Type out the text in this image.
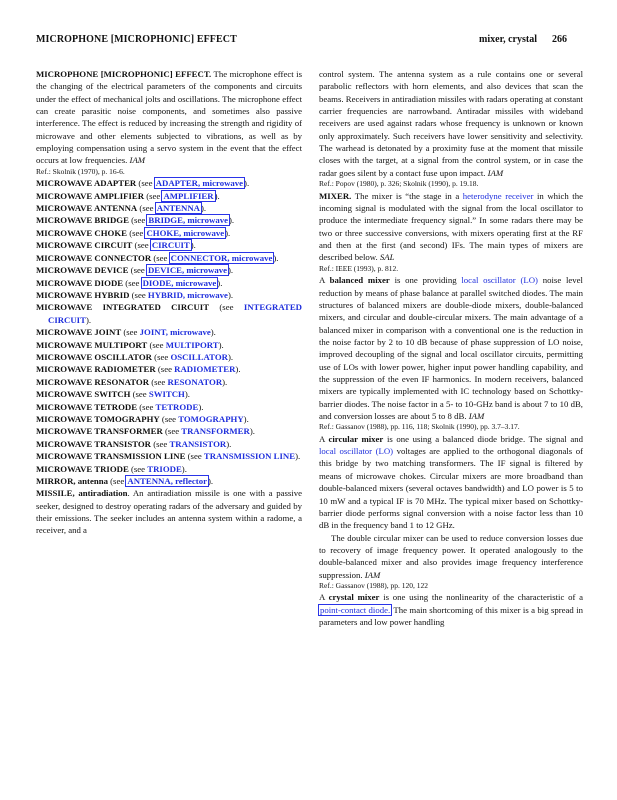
MICROPHONE [MICROPHONIC] EFFECT	mixer, crystal 266

MICROPHONE [MICROPHONIC] EFFECT. The microphone effect is the changing of the electrical parameters of the components and circuits under the effect of mechanical jolts and oscillations. The microphone effect can create parasitic noise components, and sometimes also passive interference. The effect is reduced by increasing the strength and rigidity of microwave and other elements subjected to vibrations, as well as by employing compensation using a servo system in the event that the effect occurs at low frequencies. IAM

Ref.: Skolnik (1970), p. 16-6.

MICROWAVE ADAPTER (see ADAPTER, microwave).

MICROWAVE AMPLIFIER (see AMPLIFIER).

MICROWAVE ANTENNA (see ANTENNA).

MICROWAVE BRIDGE (see BRIDGE, microwave).

MICROWAVE CHOKE (see CHOKE, microwave).

MICROWAVE CIRCUIT (see CIRCUIT).

MICROWAVE CONNECTOR (see CONNECTOR, microwave).

MICROWAVE DEVICE (see DEVICE, microwave).

MICROWAVE DIODE (see DIODE, microwave).

MICROWAVE HYBRID (see HYBRID, microwave).

MICROWAVE INTEGRATED CIRCUIT (see INTEGRATED CIRCUIT).

MICROWAVE JOINT (see JOINT, microwave).

MICROWAVE MULTIPORT (see MULTIPORT).

MICROWAVE OSCILLATOR (see OSCILLATOR).

MICROWAVE RADIOMETER (see RADIOMETER).

MICROWAVE RESONATOR (see RESONATOR).

MICROWAVE SWITCH (see SWITCH).

MICROWAVE TETRODE (see TETRODE).

MICROWAVE TOMOGRAPHY (see TOMOGRAPHY).

MICROWAVE TRANSFORMER (see TRANSFORMER).

MICROWAVE TRANSISTOR (see TRANSISTOR).

MICROWAVE TRANSMISSION LINE (see TRANSMISSION LINE).

MICROWAVE TRIODE (see TRIODE).

MIRROR, antenna (see ANTENNA, reflector).

MISSILE, antiradiation. An antiradiation missile is one with a passive seeker, designed to destroy operating radars of the adversary and guided by their emissions. The seeker includes an antenna system within a radome, a receiver, and a

control system. The antenna system as a rule contains one or several parabolic reflectors with horn elements, and also devices that scan the beams. Receivers in antiradiation missiles with radars operating at constant carrier frequencies are narrowband. Antiradar missiles with wideband receivers are used against radars whose frequency is unknown or known only approximately. Such receivers have lower sensitivity and selectivity. The warhead is detonated by a proximity fuse at the moment that missile closes with the target, at a signal from the control system, or in case the radar goes silent by a contact fuse upon impact. IAM

Ref.: Popov (1980), p. 326; Skolnik (1990), p. 19.18.

MIXER. The mixer is “the stage in a heterodyne receiver in which the incoming signal is modulated with the signal from the local oscillator to produce the intermediate frequency signal.” In some radars there may be two or three successive conversions, with mixers operating first at the RF and then at the first (and second) IFs. The main types of mixers are described below. SAL

Ref.: IEEE (1993), p. 812.

A balanced mixer is one providing local oscillator (LO) noise level reduction by means of phase balance at parallel switched diodes. The main structures of balanced mixers are double-diode mixers, double-balanced mixers, and circular and double-circular mixers. The main advantage of a balanced mixer in comparison with a conventional one is the reduction in the noise factor by 2 to 10 dB because of phase suppression of LO noise, improved decoupling of the signal and local oscillator circuits, permitting use of LOs with lower power, higher input power handling capability, and the suppression of the even IF harmonics. In modern receivers, balanced mixers are typically implemented with IC technology based on Schottky-barrier diodes. The noise factor in a 5- to 10-GHz band is about 7 to 10 dB, and conversion losses are about 5 to 8 dB. IAM

Ref.: Gassanov (1988), pp. 116, 118; Skolnik (1990), pp. 3.7–3.17.

A circular mixer is one using a balanced diode bridge. The signal and local oscillator (LO) voltages are applied to the orthogonal diagonals of this bridge by two matching transformers. The IF signal is filtered by means of microwave chokes. Circular mixers are more broadband than double-balanced mixers (several octaves bandwidth) and LO power is 5 to 10 mW and a typical IF is 70 MHz. The typical mixer based on Schottky-barrier diode performs signal conversion with a noise factor less than 10 dB in the frequency band 1 to 12 GHz.

The double circular mixer can be used to reduce conversion losses due to recovery of image frequency power. It operated analogously to the double-balanced mixer and also provides image frequency interference suppression. IAM

Ref.: Gassanov (1988), pp. 120, 122

A crystal mixer is one using the nonlinearity of the characteristic of a point-contact diode. The main shortcoming of this mixer is a big spread in parameters and low power handling
